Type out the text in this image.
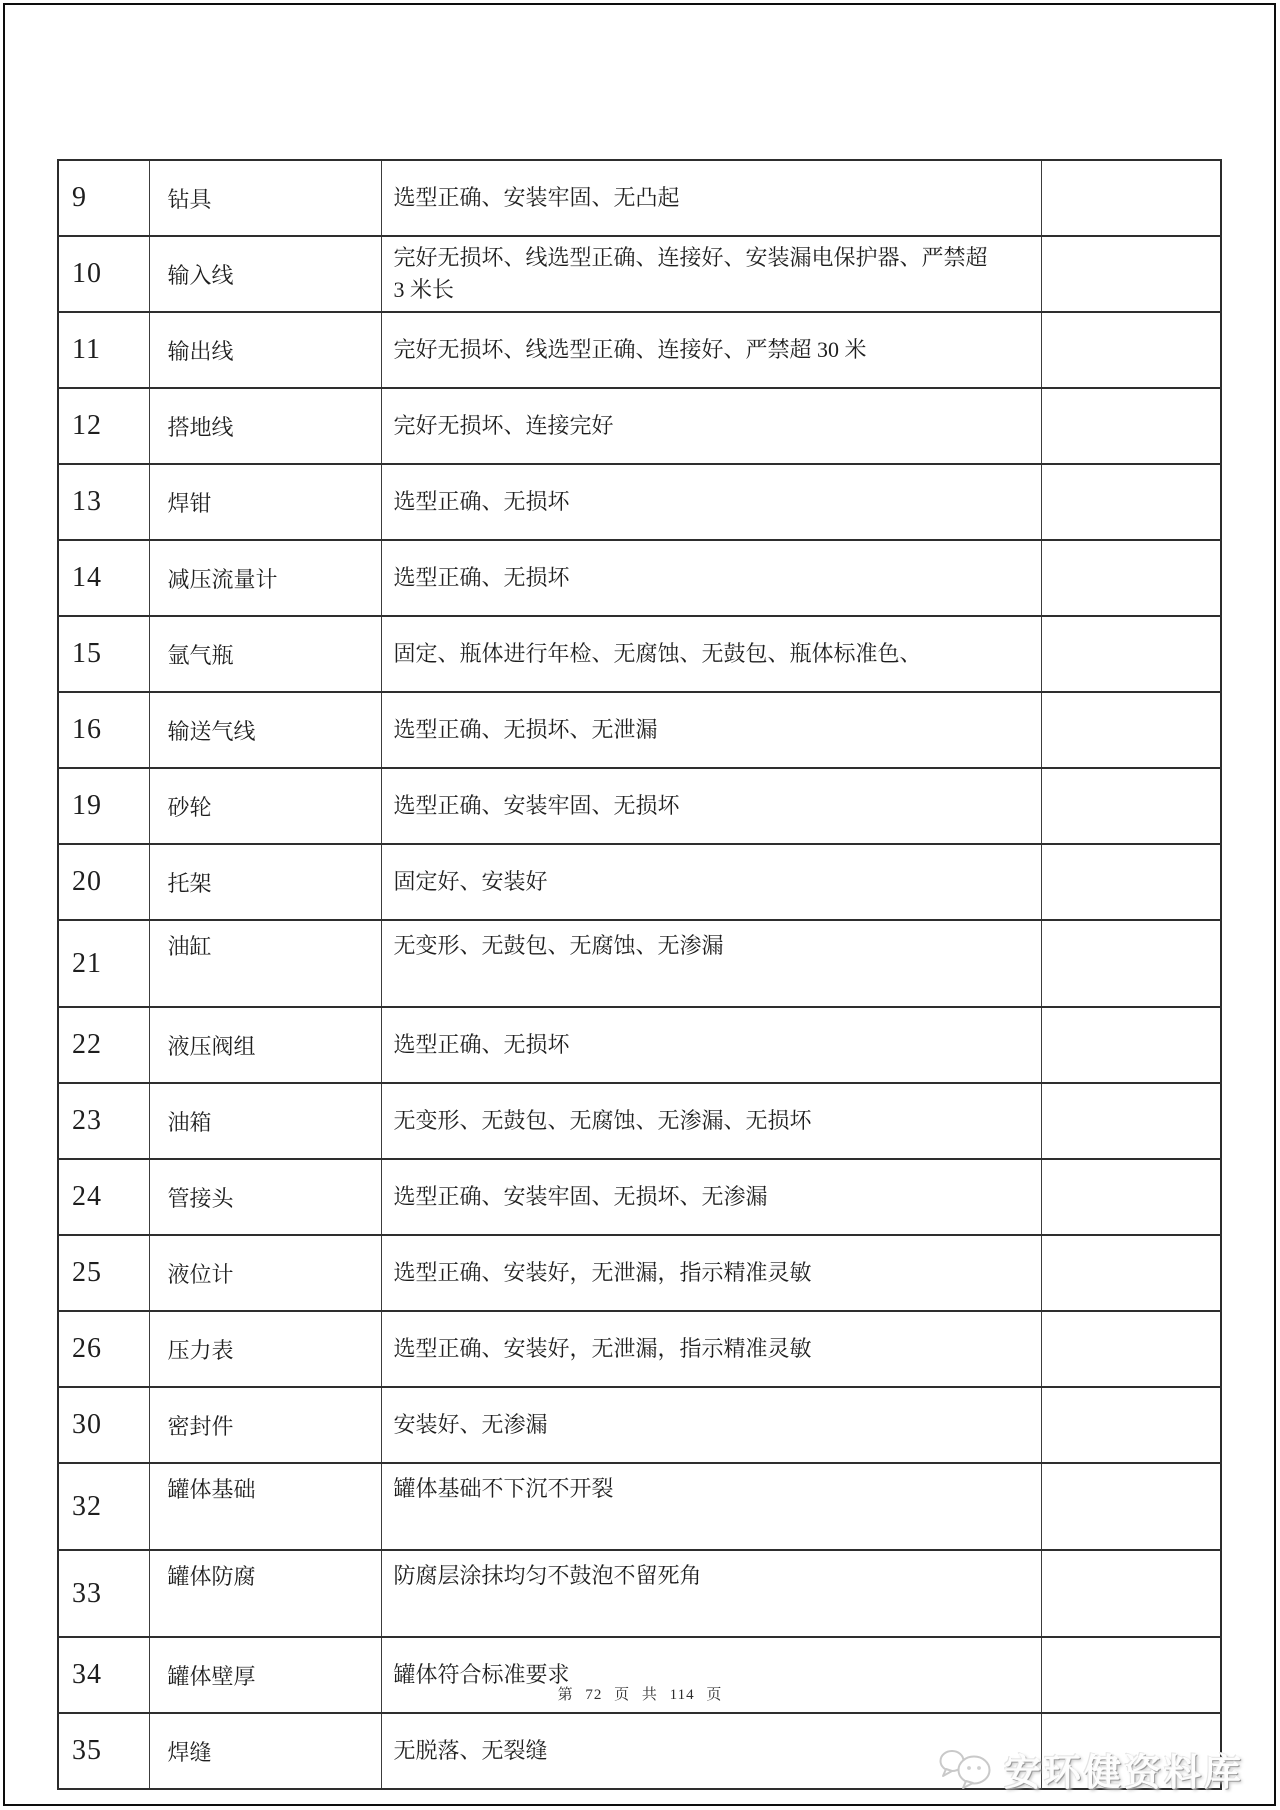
9	钻具	选型正确、安装牢固、无凸起	
10	输入线	完好无损坏、线选型正确、连接好、安装漏电保护器、严禁超 3 米长	
11	输出线	完好无损坏、线选型正确、连接好、严禁超 30 米	
12	搭地线	完好无损坏、连接完好	
13	焊钳	选型正确、无损坏	
14	减压流量计	选型正确、无损坏	
15	氩气瓶	固定、瓶体进行年检、无腐蚀、无鼓包、瓶体标准色、	
16	输送气线	选型正确、无损坏、无泄漏	
19	砂轮	选型正确、安装牢固、无损坏	
20	托架	固定好、安装好	
21	油缸	无变形、无鼓包、无腐蚀、无渗漏	
22	液压阀组	选型正确、无损坏	
23	油箱	无变形、无鼓包、无腐蚀、无渗漏、无损坏	
24	管接头	选型正确、安装牢固、无损坏、无渗漏	
25	液位计	选型正确、安装好，无泄漏，指示精准灵敏	
26	压力表	选型正确、安装好，无泄漏，指示精准灵敏	
30	密封件	安装好、无渗漏	
32	罐体基础	罐体基础不下沉不开裂	
33	罐体防腐	防腐层涂抹均匀不鼓泡不留死角	
34	罐体壁厚	罐体符合标准要求	
35	焊缝	无脱落、无裂缝	
第 72 页 共 114 页
安环健资料库
